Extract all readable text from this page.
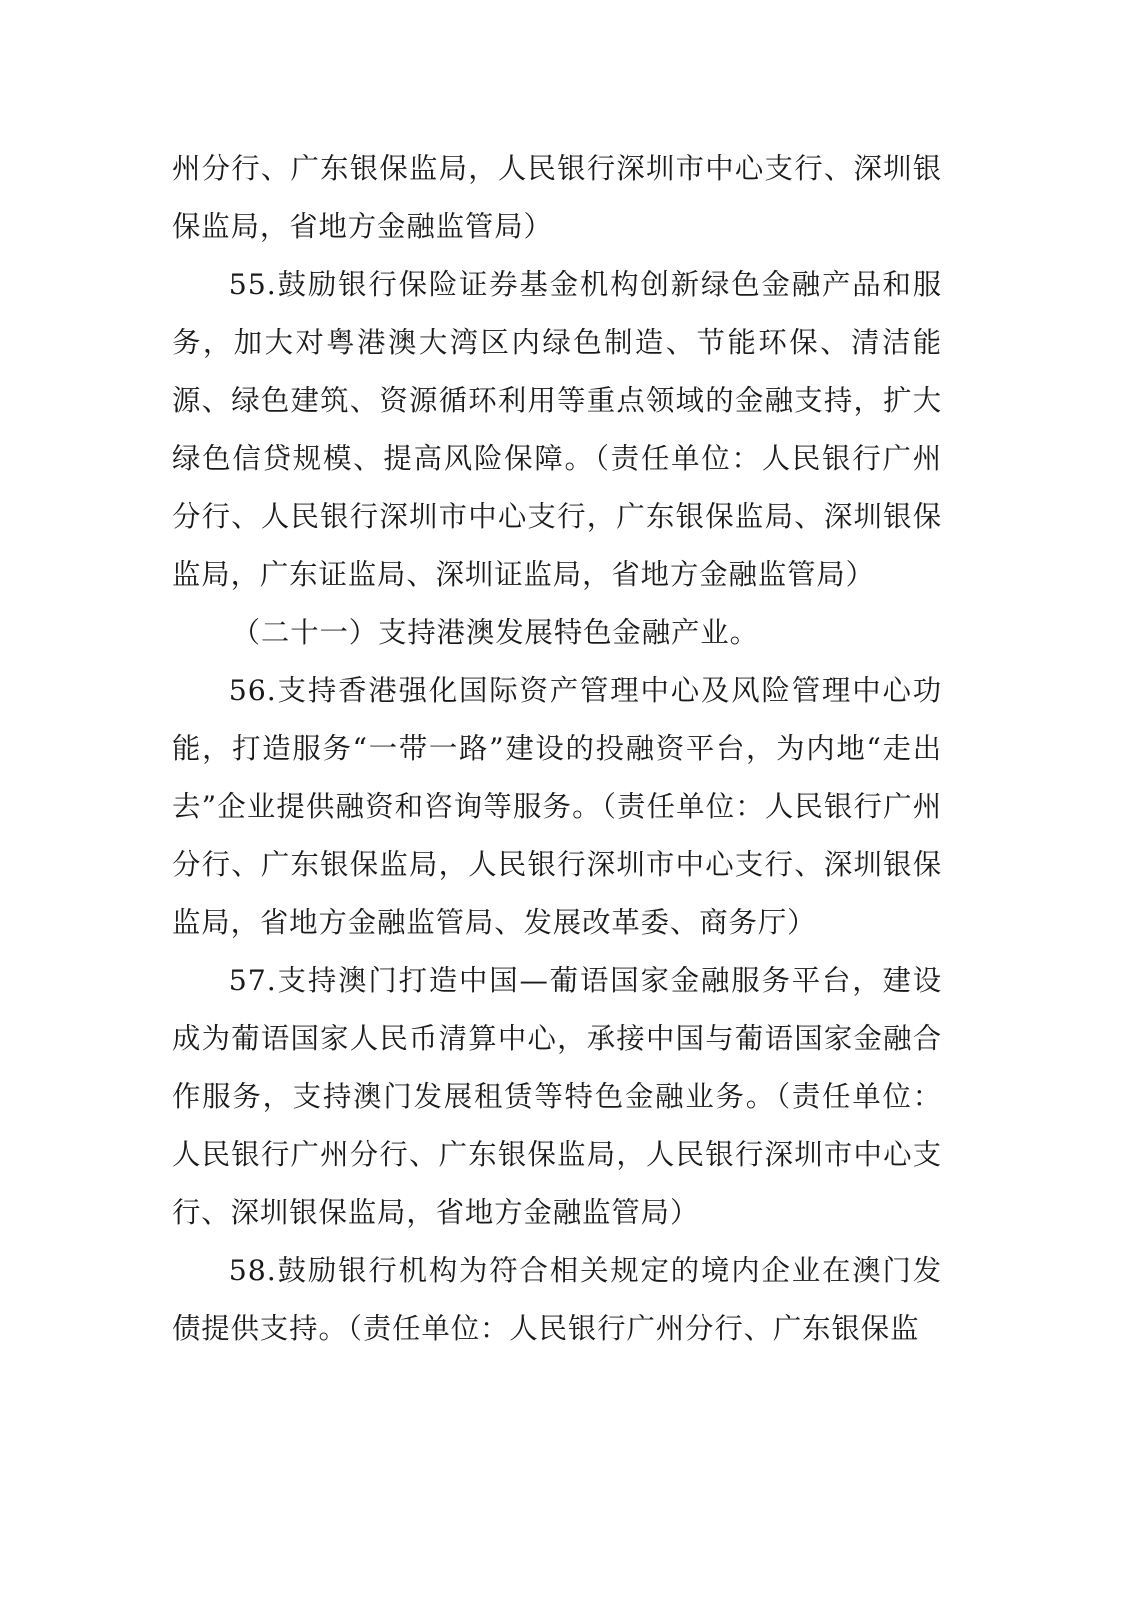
州分行、广东银保监局，人民银行深圳市中心支行、深圳银保监局，省地方金融监管局）

55.鼓励银行保险证券基金机构创新绿色金融产品和服务，加大对粤港澳大湾区内绿色制造、节能环保、清洁能源、绿色建筑、资源循环利用等重点领域的金融支持，扩大绿色信贷规模、提高风险保障。（责任单位：人民银行广州分行、人民银行深圳市中心支行，广东银保监局、深圳银保监局，广东证监局、深圳证监局，省地方金融监管局）

（二十一）支持港澳发展特色金融产业。

56.支持香港强化国际资产管理中心及风险管理中心功能，打造服务“一带一路”建设的投融资平台，为内地“走出去”企业提供融资和咨询等服务。（责任单位：人民银行广州分行、广东银保监局，人民银行深圳市中心支行、深圳银保监局，省地方金融监管局、发展改革委、商务厅）

57.支持澳门打造中国—葡语国家金融服务平台，建设成为葡语国家人民币清算中心，承接中国与葡语国家金融合作服务，支持澳门发展租赁等特色金融业务。（责任单位：人民银行广州分行、广东银保监局，人民银行深圳市中心支行、深圳银保监局，省地方金融监管局）

58.鼓励银行机构为符合相关规定的境内企业在澳门发债提供支持。（责任单位：人民银行广州分行、广东银保监
